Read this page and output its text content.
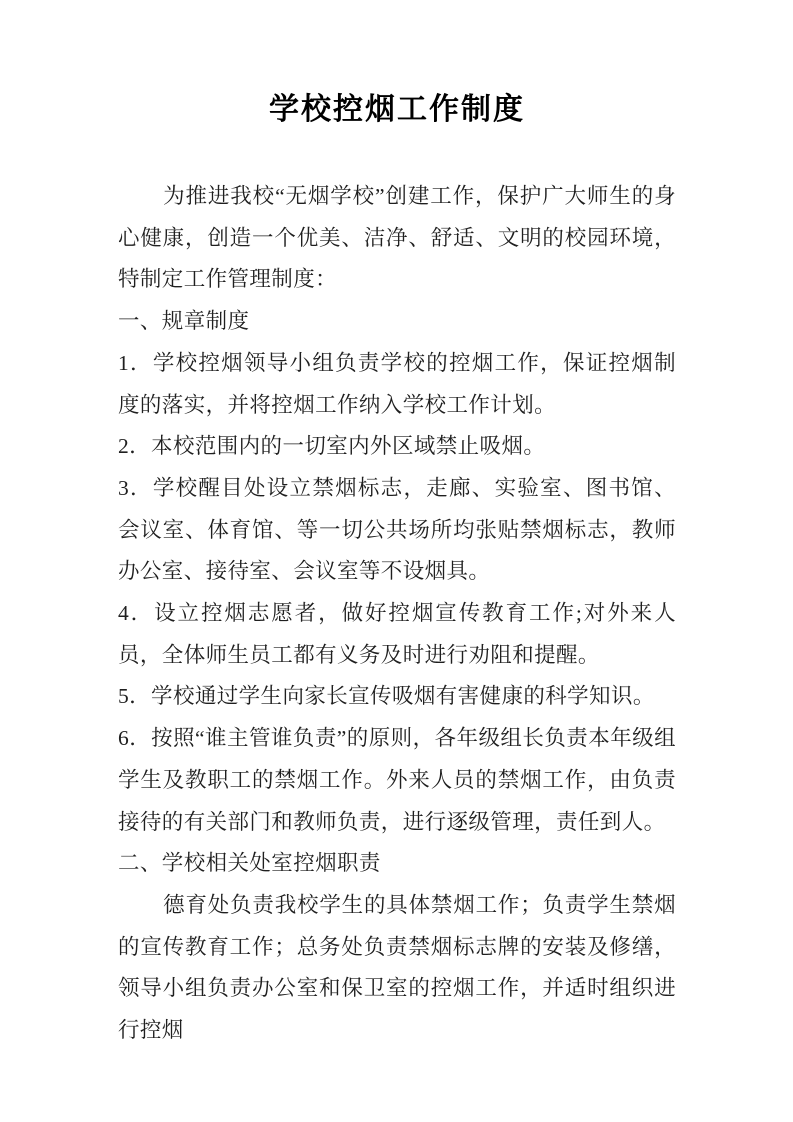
学校控烟工作制度

为推进我校“无烟学校”创建工作，保护广大师生的身心健康，创造一个优美、洁净、舒适、文明的校园环境，特制定工作管理制度：

一、规章制度

1．学校控烟领导小组负责学校的控烟工作，保证控烟制度的落实，并将控烟工作纳入学校工作计划。

2．本校范围内的一切室内外区域禁止吸烟。

3．学校醒目处设立禁烟标志，走廊、实验室、图书馆、会议室、体育馆、等一切公共场所均张贴禁烟标志，教师办公室、接待室、会议室等不设烟具。

4．设立控烟志愿者，做好控烟宣传教育工作;对外来人员，全体师生员工都有义务及时进行劝阻和提醒。

5．学校通过学生向家长宣传吸烟有害健康的科学知识。

6．按照“谁主管谁负责”的原则，各年级组长负责本年级组学生及教职工的禁烟工作。外来人员的禁烟工作，由负责接待的有关部门和教师负责，进行逐级管理，责任到人。

二、学校相关处室控烟职责

德育处负责我校学生的具体禁烟工作；负责学生禁烟的宣传教育工作；总务处负责禁烟标志牌的安装及修缮，领导小组负责办公室和保卫室的控烟工作，并适时组织进行控烟
